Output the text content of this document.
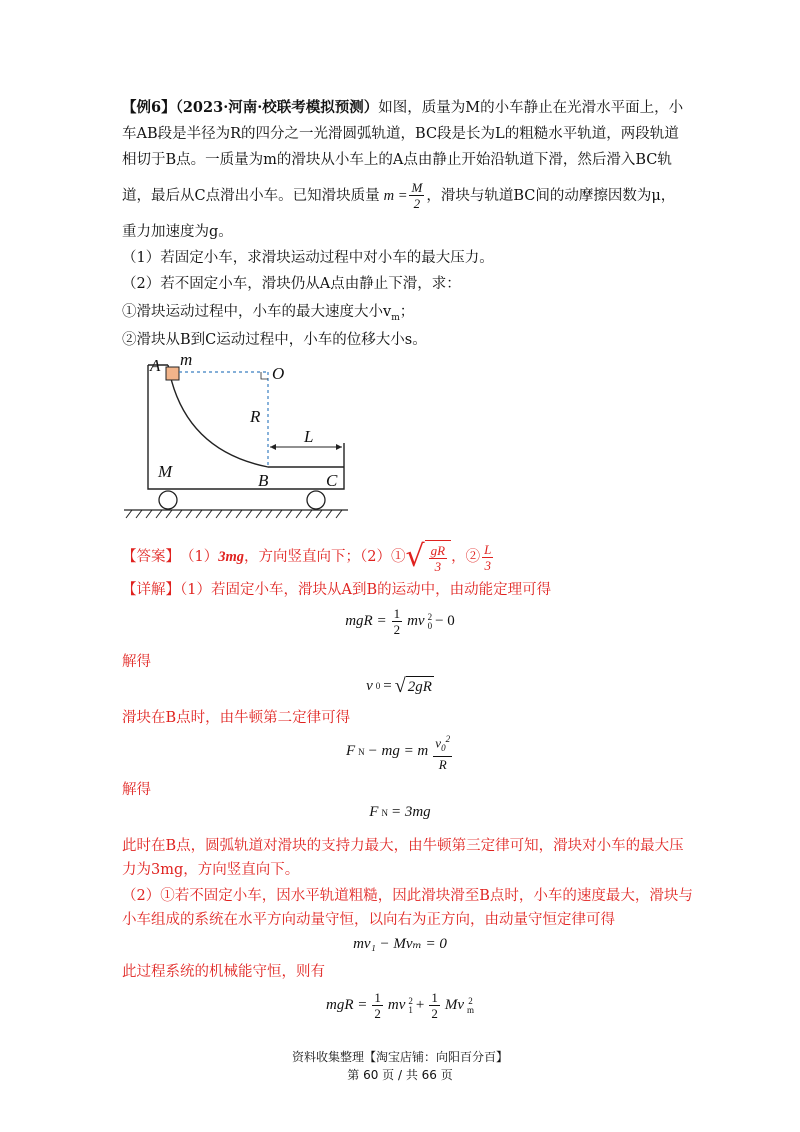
【例6】（2023·河南·校联考模拟预测）如图，质量为M的小车静止在光滑水平面上，小
车AB段是半径为R的四分之一光滑圆弧轨道，BC段是长为L的粗糙水平轨道，两段轨道
相切于B点。一质量为m的滑块从小车上的A点由静止开始沿轨道下滑，然后滑入BC轨
道，最后从C点滑出小车。已知滑块质量 $m = \frac{M}{2}$ ，滑块与轨道BC间的动摩擦因数为μ，
重力加速度为g。
（1）若固定小车，求滑块运动过程中对小车的最大压力。
（2）若不固定小车，滑块仍从A点由静止下滑，求：
①滑块运动过程中，小车的最大速度大小$v_m$；
②滑块从B到C运动过程中，小车的位移大小s。
A m
O
R
L
M	B	C
【答案】 （1） 3mg ，方向竖直向下；（2）① √ $\frac{gR}{3}$ ，② $\frac{L}{3}$
【详解】（1）若固定小车，滑块从A到B的运动中，由动能定理可得
mgR = $\frac{1}{2}$ mv 2
0 − 0
解得
v 0 = √ 2gR
滑块在B点时，由牛顿第二定律可得
F N − mg = m $\frac{v_0^2}{R}$
解得
F N = 3mg
此时在B点，圆弧轨道对滑块的支持力最大，由牛顿第三定律可知，滑块对小车的最大压
力为3mg，方向竖直向下。
（2）①若不固定小车，因水平轨道粗糙，因此滑块滑至B点时，小车的速度最大，滑块与
小车组成的系统在水平方向动量守恒，以向右为正方向，由动量守恒定律可得
mv₁ − Mvₘ = 0
此过程系统的机械能守恒，则有
mgR = $\frac{1}{2}$ mv 2
$1 + \frac{1}{2}$ Mv 2
m
资料收集整理【淘宝店铺：向阳百分百】
第 60 页 / 共 66 页
